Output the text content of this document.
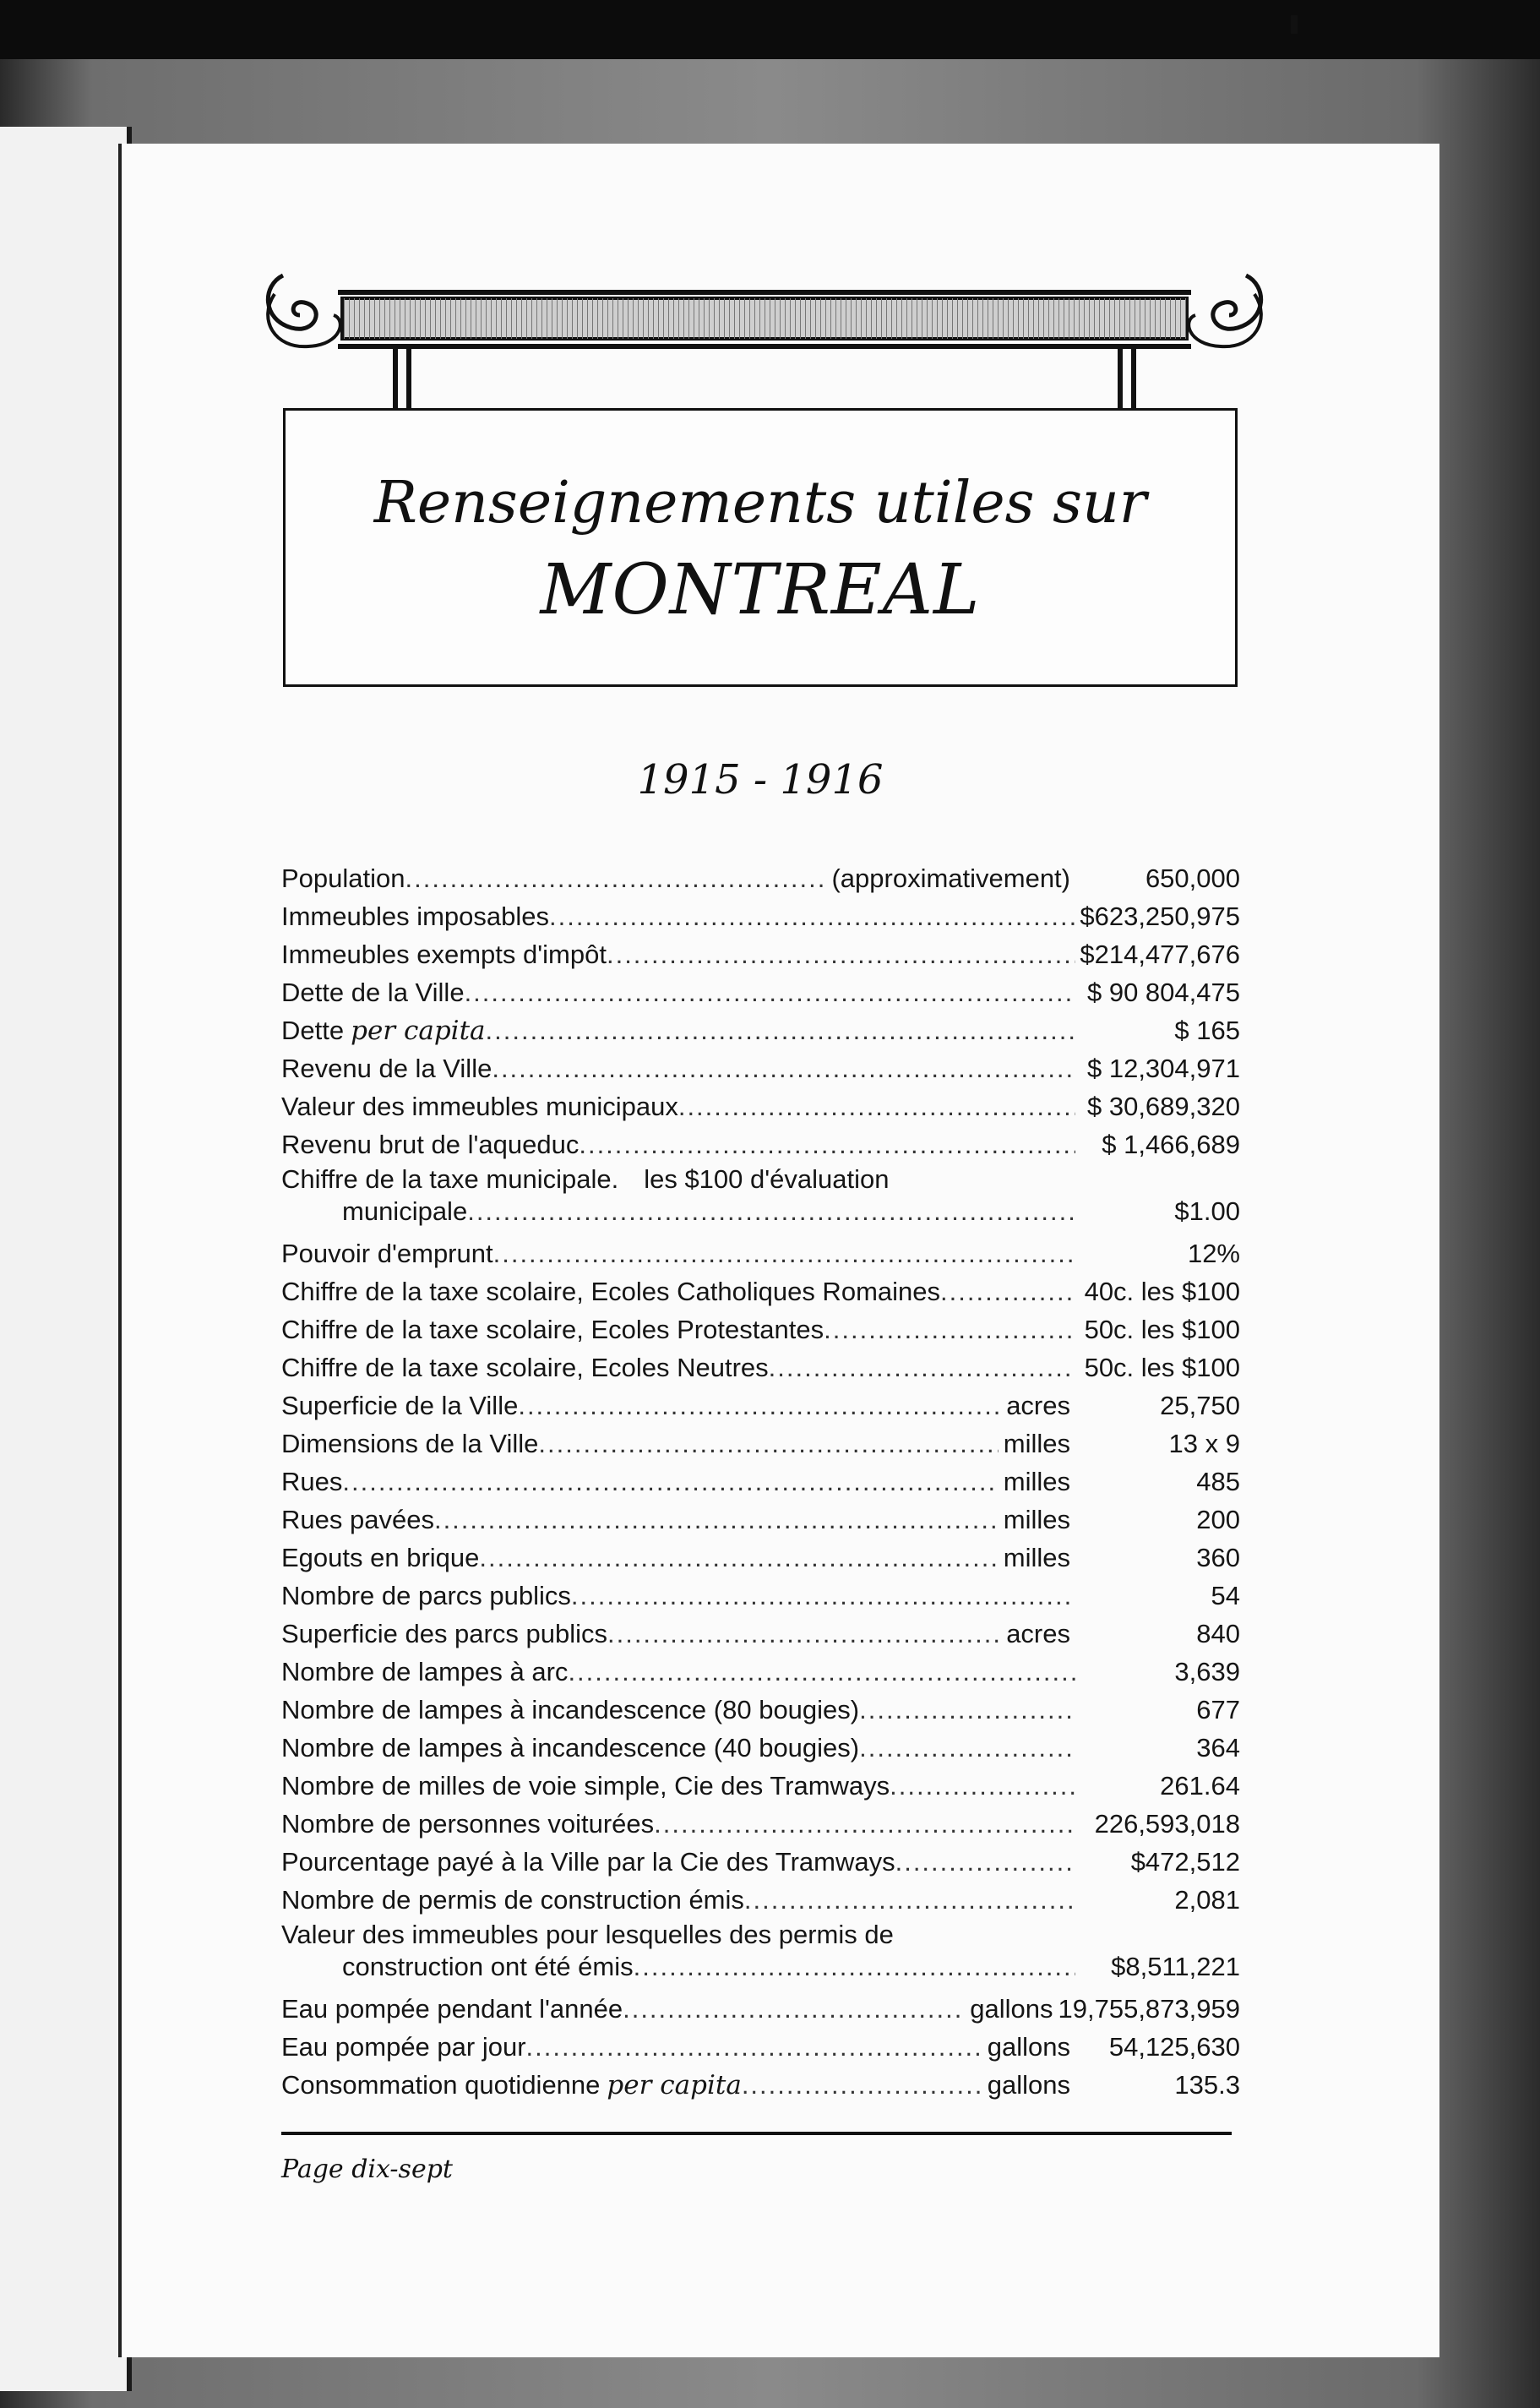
Renseignements utiles sur
MONTREAL
1915 - 1916
Population .....	(approximativement)	650,000
Immeubles imposables .....	$623,250,975
Immeubles exempts d'impôt .....	$214,477,676
Dette de la Ville .....	$ 90 804,475
Dette per capita .....	$ 165
Revenu de la Ville .....	$ 12,304,971
Valeur des immeubles municipaux .....	$ 30,689,320
Revenu brut de l'aqueduc .....	$ 1,466,689
Chiffre de la taxe municipale. les $100 d'évaluation
municipale .....	$1.00
Pouvoir d'emprunt .....	12%
Chiffre de la taxe scolaire, Ecoles Catholiques Romaines .....	40c. les $100
Chiffre de la taxe scolaire, Ecoles Protestantes .....	50c. les $100
Chiffre de la taxe scolaire, Ecoles Neutres .....	50c. les $100
Superficie de la Ville .....	acres	25,750
Dimensions de la Ville .....	milles	13 x 9
Rues .....	milles	485
Rues pavées .....	milles	200
Egouts en brique .....	milles	360
Nombre de parcs publics .....	54
Superficie des parcs publics .....	acres	840
Nombre de lampes à arc .....	3,639
Nombre de lampes à incandescence (80 bougies) .....	677
Nombre de lampes à incandescence (40 bougies) .....	364
Nombre de milles de voie simple, Cie des Tramways .....	261.64
Nombre de personnes voiturées .....	226,593,018
Pourcentage payé à la Ville par la Cie des Tramways .....	$472,512
Nombre de permis de construction émis .....	2,081
Valeur des immeubles pour lesquelles des permis de
construction ont été émis .....	$8,511,221
Eau pompée pendant l'année .....	gallons 19,755,873,959
Eau pompée par jour .....	gallons	54,125,630
Consommation quotidienne per capita .....	gallons	135.3
Page dix-sept
